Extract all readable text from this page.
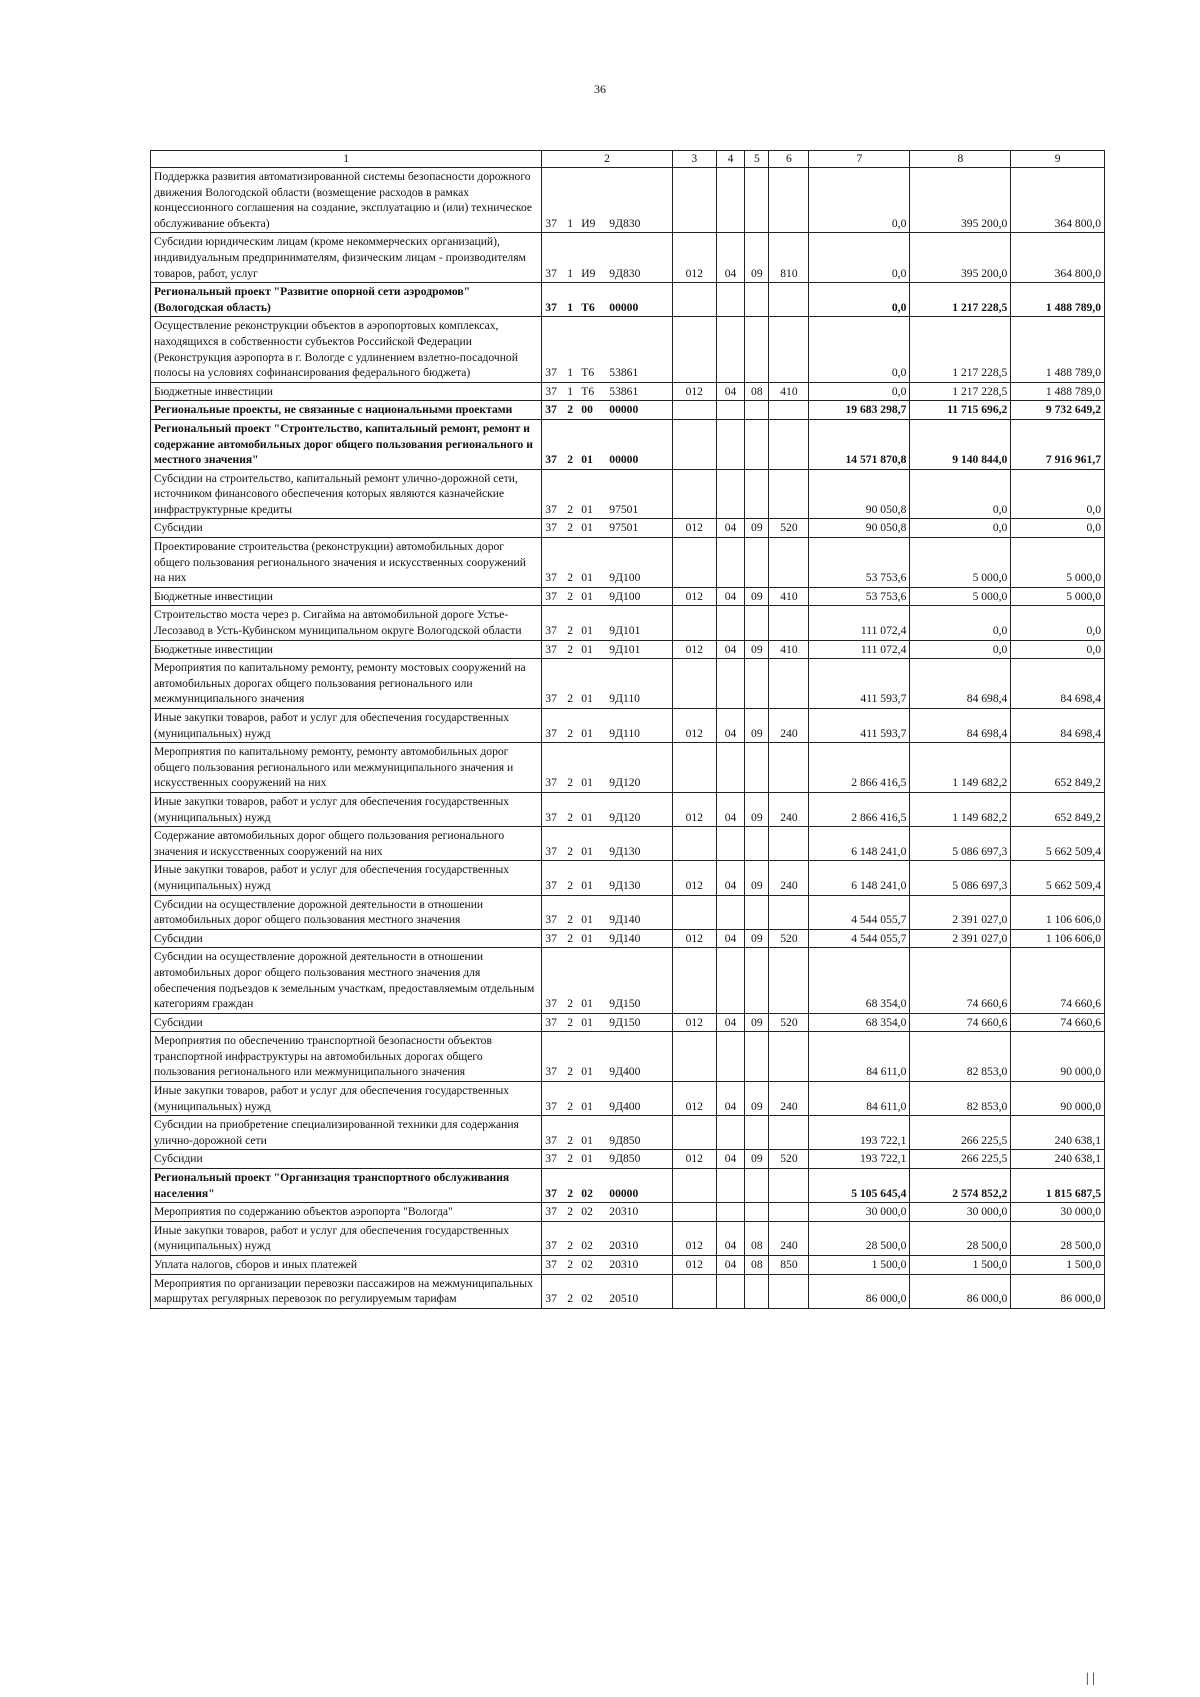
36
1	2	3	4	5	6	7	8	9
Поддержка развития автоматизированной системы безопасности дорожного движения Вологодской области (возмещение расходов в рамках концессионного соглашения на создание, эксплуатацию и (или) техническое обслуживание объекта)	37 1 И9 9Д830					0,0	395 200,0	364 800,0
Субсидии юридическим лицам (кроме некоммерческих организаций), индивидуальным предпринимателям, физическим лицам - производителям товаров, работ, услуг	37 1 И9 9Д830	012	04	09	810	0,0	395 200,0	364 800,0
Региональный проект "Развитие опорной сети аэродромов" (Вологодская область)	37 1 Т6 00000					0,0	1 217 228,5	1 488 789,0
Осуществление реконструкции объектов в аэропортовых комплексах, находящихся в собственности субъектов Российской Федерации (Реконструкция аэропорта в г. Вологде с удлинением взлетно-посадочной полосы на условиях софинансирования федерального бюджета)	37 1 Т6 53861					0,0	1 217 228,5	1 488 789,0
Бюджетные инвестиции	37 1 Т6 53861	012	04	08	410	0,0	1 217 228,5	1 488 789,0
Региональные проекты, не связанные с национальными проектами	37 2 00 00000					19 683 298,7	11 715 696,2	9 732 649,2
Региональный проект "Строительство, капитальный ремонт, ремонт и содержание автомобильных дорог общего пользования регионального и местного значения"	37 2 01 00000					14 571 870,8	9 140 844,0	7 916 961,7
Субсидии на строительство, капитальный ремонт улично-дорожной сети, источником финансового обеспечения которых являются казначейские инфраструктурные кредиты	37 2 01 97501					90 050,8	0,0	0,0
Субсидии	37 2 01 97501	012	04	09	520	90 050,8	0,0	0,0
Проектирование строительства (реконструкции) автомобильных дорог общего пользования регионального значения и искусственных сооружений на них	37 2 01 9Д100					53 753,6	5 000,0	5 000,0
Бюджетные инвестиции	37 2 01 9Д100	012	04	09	410	53 753,6	5 000,0	5 000,0
Строительство моста через р. Сигайма на автомобильной дороге Устье-Лесозавод в Усть-Кубинском муниципальном округе Вологодской области	37 2 01 9Д101					111 072,4	0,0	0,0
Бюджетные инвестиции	37 2 01 9Д101	012	04	09	410	111 072,4	0,0	0,0
Мероприятия по капитальному ремонту, ремонту мостовых сооружений на автомобильных дорогах общего пользования регионального или межмуниципального значения	37 2 01 9Д110					411 593,7	84 698,4	84 698,4
Иные закупки товаров, работ и услуг для обеспечения государственных (муниципальных) нужд	37 2 01 9Д110	012	04	09	240	411 593,7	84 698,4	84 698,4
Мероприятия по капитальному ремонту, ремонту автомобильных дорог общего пользования регионального или межмуниципального значения и искусственных сооружений на них	37 2 01 9Д120					2 866 416,5	1 149 682,2	652 849,2
Иные закупки товаров, работ и услуг для обеспечения государственных (муниципальных) нужд	37 2 01 9Д120	012	04	09	240	2 866 416,5	1 149 682,2	652 849,2
Содержание автомобильных дорог общего пользования регионального значения и искусственных сооружений на них	37 2 01 9Д130					6 148 241,0	5 086 697,3	5 662 509,4
Иные закупки товаров, работ и услуг для обеспечения государственных (муниципальных) нужд	37 2 01 9Д130	012	04	09	240	6 148 241,0	5 086 697,3	5 662 509,4
Субсидии на осуществление дорожной деятельности в отношении автомобильных дорог общего пользования местного значения	37 2 01 9Д140					4 544 055,7	2 391 027,0	1 106 606,0
Субсидии	37 2 01 9Д140	012	04	09	520	4 544 055,7	2 391 027,0	1 106 606,0
Субсидии на осуществление дорожной деятельности в отношении автомобильных дорог общего пользования местного значения для обеспечения подъездов к земельным участкам, предоставляемым отдельным категориям граждан	37 2 01 9Д150					68 354,0	74 660,6	74 660,6
Субсидии	37 2 01 9Д150	012	04	09	520	68 354,0	74 660,6	74 660,6
Мероприятия по обеспечению транспортной безопасности объектов транспортной инфраструктуры на автомобильных дорогах общего пользования регионального или межмуниципального значения	37 2 01 9Д400					84 611,0	82 853,0	90 000,0
Иные закупки товаров, работ и услуг для обеспечения государственных (муниципальных) нужд	37 2 01 9Д400	012	04	09	240	84 611,0	82 853,0	90 000,0
Субсидии на приобретение специализированной техники для содержания улично-дорожной сети	37 2 01 9Д850					193 722,1	266 225,5	240 638,1
Субсидии	37 2 01 9Д850	012	04	09	520	193 722,1	266 225,5	240 638,1
Региональный проект "Организация транспортного обслуживания населения"	37 2 02 00000					5 105 645,4	2 574 852,2	1 815 687,5
Мероприятия по содержанию объектов аэропорта "Вологда"	37 2 02 20310					30 000,0	30 000,0	30 000,0
Иные закупки товаров, работ и услуг для обеспечения государственных (муниципальных) нужд	37 2 02 20310	012	04	08	240	28 500,0	28 500,0	28 500,0
Уплата налогов, сборов и иных платежей	37 2 02 20310	012	04	08	850	1 500,0	1 500,0	1 500,0
Мероприятия по организации перевозки пассажиров на межмуниципальных маршрутах регулярных перевозок по регулируемым тарифам	37 2 02 20510					86 000,0	86 000,0	86 000,0
| |
